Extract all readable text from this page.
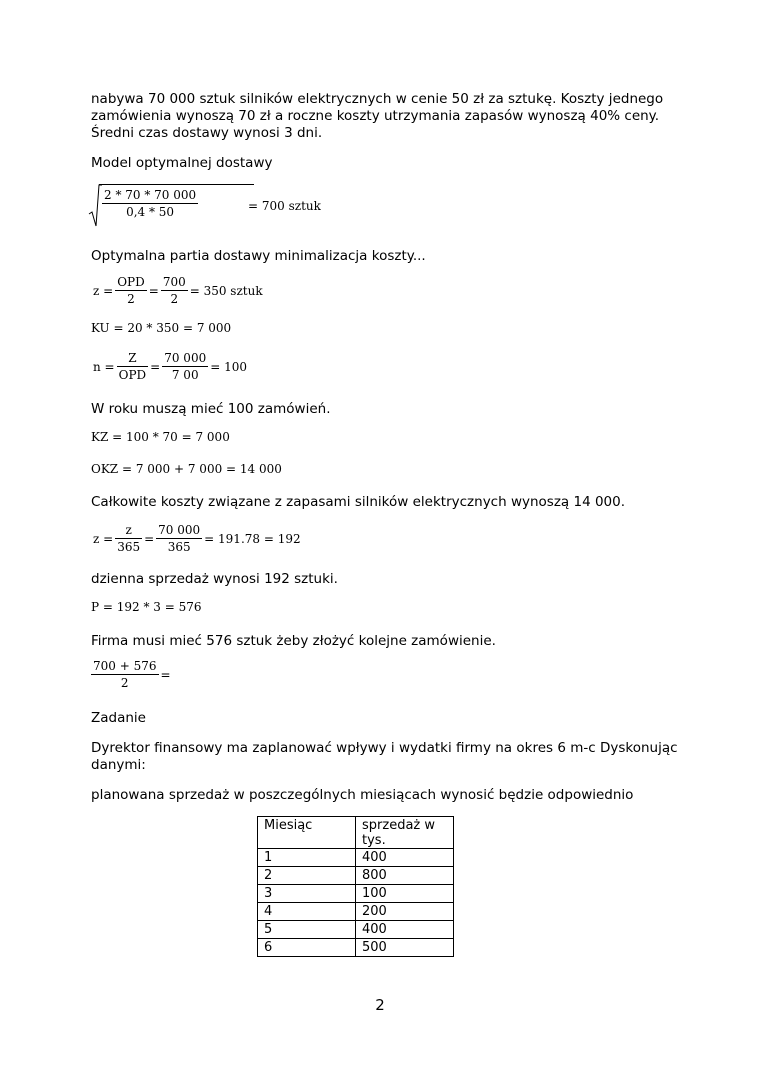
nabywa 70 000 sztuk silników elektrycznych w cenie 50 zł za sztukę. Koszty jednego
zamówienia wynoszą 70 zł a roczne koszty utrzymania zapasów wynoszą 40% ceny.
Średni czas dostawy wynosi 3 dni.
Model optymalnej dostawy
$\frac{2 * 70 * 70 000}{0,4 * 50}$	= 700 sztuk
Optymalna partia dostawy minimalizacja koszty...
$z = \frac{\text{OPD}}{2} = \frac{700}{2} = 350$ sztuk
KU = 20 * 350 = 7 000
$n = \frac{Z}{\text{OPD}} = \frac{70 000}{7 00} = 100$
W roku muszą mieć 100 zamówień.
KZ = 100 * 70 = 7 000
OKZ = 7 000 + 7 000 = 14 000
Całkowite koszty związane z zapasami silników elektrycznych wynoszą 14 000.
$z = \frac{z}{365} = \frac{70 000}{365} = 191.78 = 192$
dzienna sprzedaż wynosi 192 sztuki.
P = 192 * 3 = 576
Firma musi mieć 576 sztuk żeby złożyć kolejne zamówienie.
$\frac{700 + 576}{2}$ =
Zadanie
Dyrektor finansowy ma zaplanować wpływy i wydatki firmy na okres 6 m-c Dyskonując
danymi:
planowana sprzedaż w poszczególnych miesiącach wynosić będzie odpowiednio
Miesiąc	sprzedaż w tys.
1	400
2	800
3	100
4	200
5	400
6	500
2
